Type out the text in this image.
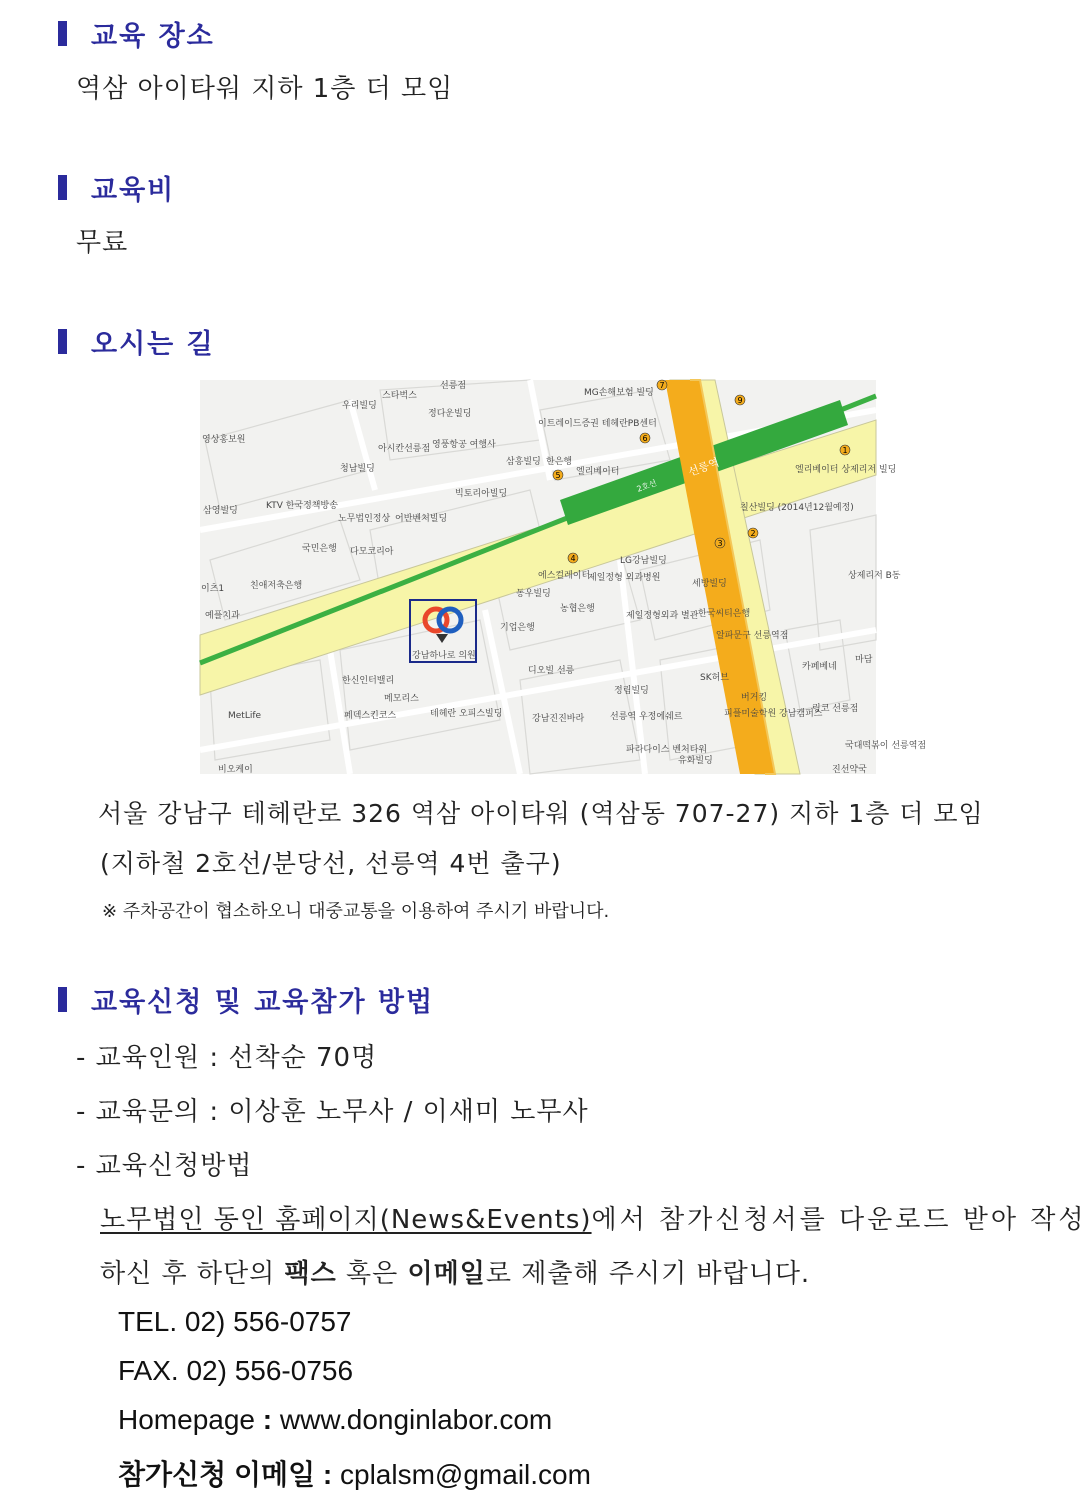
교육 장소
역삼 아이타워 지하 1층 더 모임
교육비
무료
오시는 길
7
9
6
5
4
3
2
1
선릉역
2호선
강남하나로 의원
선릉점
스타벅스
우리빌딩
정다운빌딩
MG손해보험 빌딩
영상홍보원
아시칸선릉점 영풍항공 여행사
이트레이드증권 테헤란PB센터
청남빌딩
삼흥빌딩 한은행
엘리베이터
KTV 한국정책방송
빅토리아빌딩
노무법인정상 어반벤처빌딩
칠산빌딩 (2014년12월예정)
삼영빌딩
국민은행 다모코리아
엘리베이터 상제리저 빌딩
LG강남빌딩
에스컬레이터
제일정형 외과병원
세방빌딩
친애저축은행
동우빌딩
농협은행
제일정형외과 별관 한국씨티은행
기업은행
예플치과
알파문구 선릉역점
카페베네
마담
디오빌 선릉
SK허브
한신인터밸리
메모리스
정림빌딩
버거킹
MetLife	페덱스킨코스	테헤란 오피스빌딩	강남진진바라	선릉역 우정에쉐르	피플미술학원 강남캠퍼스
링코 선릉점
파라다이스 벤처타워
유화빌딩
국대떡볶이 선릉역점
진선약국
비오케이
상제리저 B동
이츠1
서울 강남구 테헤란로 326 역삼 아이타워 (역삼동 707-27) 지하 1층 더 모임
(지하철 2호선/분당선, 선릉역 4번 출구)
※ 주차공간이 협소하오니 대중교통을 이용하여 주시기 바랍니다.
교육신청 및 교육참가 방법
- 교육인원 : 선착순 70명
- 교육문의 : 이상훈 노무사 / 이새미 노무사
- 교육신청방법
노무법인 동인 홈페이지(News&Events) 에서 참가신청서를 다운로드 받아 작성
하신 후 하단의 팩스 혹은 이메일로 제출해 주시기 바랍니다.
TEL. 02) 556-0757
FAX. 02) 556-0756
Homepage : www.donginlabor.com
참가신청 이메일 : cplalsm@gmail.com
